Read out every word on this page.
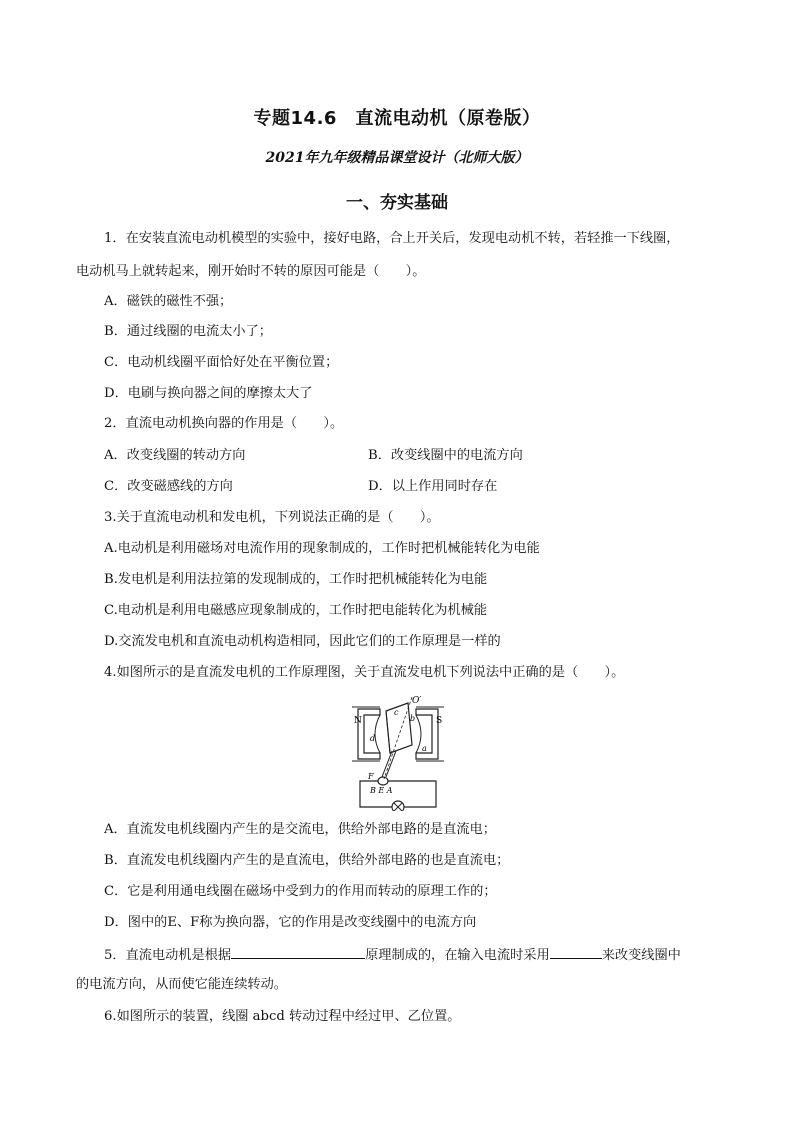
专题14.6　直流电动机（原卷版）
2021年九年级精品课堂设计（北师大版）
一、夯实基础
1．在安装直流电动机模型的实验中，接好电路，合上开关后，发现电动机不转，若轻推一下线圈，
电动机马上就转起来，刚开始时不转的原因可能是（　　）。
A．磁铁的磁性不强；
B．通过线圈的电流太小了；
C．电动机线圈平面恰好处在平衡位置；
D．电刷与换向器之间的摩擦太大了
2．直流电动机换向器的作用是（　　）。
A．改变线圈的转动方向	B．改变线圈中的电流方向
C．改变磁感线的方向	D．以上作用同时存在
3.关于直流电动机和发电机，下列说法正确的是（　　）。
A.电动机是利用磁场对电流作用的现象制成的，工作时把机械能转化为电能
B.发电机是利用法拉第的发现制成的，工作时把机械能转化为电能
C.电动机是利用电磁感应现象制成的，工作时把电能转化为机械能
D.交流发电机和直流电动机构造相同，因此它们的工作原理是一样的
4.如图所示的是直流发电机的工作原理图，关于直流发电机下列说法中正确的是（　　）。
N	S
O′
c
b
d
a
F
B E A
A．直流发电机线圈内产生的是交流电，供给外部电路的是直流电；
B．直流发电机线圈内产生的是直流电，供给外部电路的也是直流电；
C．它是利用通电线圈在磁场中受到力的作用而转动的原理工作的；
D．图中的E、F称为换向器，它的作用是改变线圈中的电流方向
5．直流电动机是根据	原理制成的，在输入电流时采用	来改变线圈中
的电流方向，从而使它能连续转动。
6.如图所示的装置，线圈 abcd 转动过程中经过甲、乙位置。
